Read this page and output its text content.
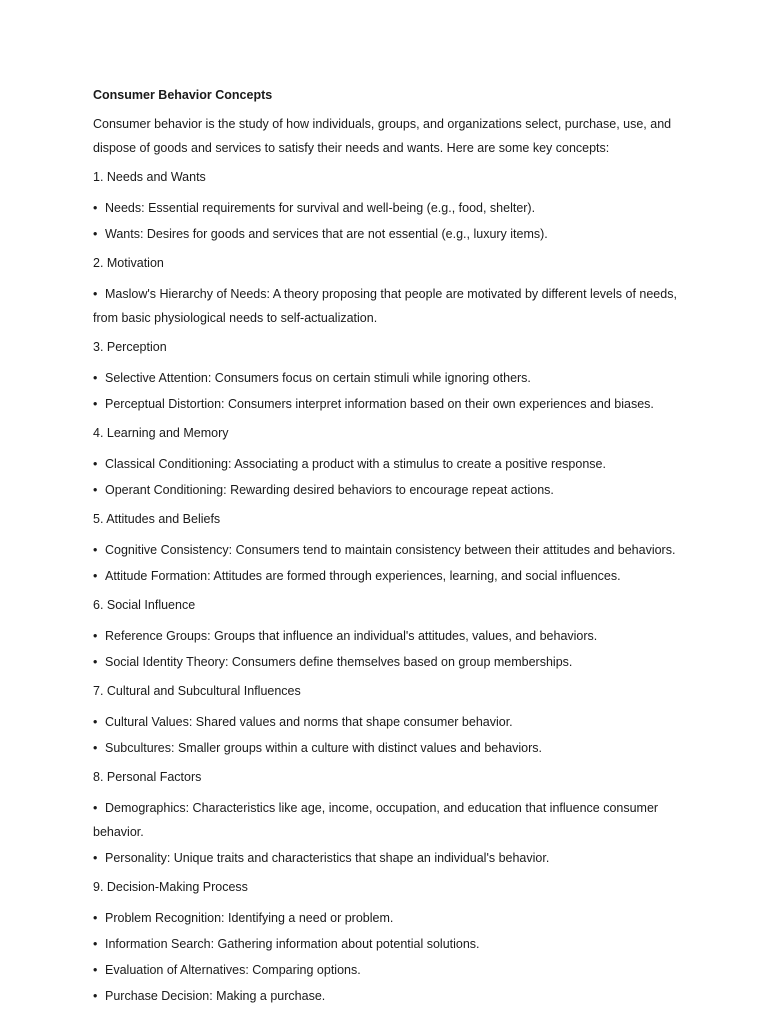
Consumer Behavior Concepts
Consumer behavior is the study of how individuals, groups, and organizations select, purchase, use, and dispose of goods and services to satisfy their needs and wants. Here are some key concepts:
1. Needs and Wants
• Needs: Essential requirements for survival and well-being (e.g., food, shelter).
• Wants: Desires for goods and services that are not essential (e.g., luxury items).
2. Motivation
• Maslow's Hierarchy of Needs: A theory proposing that people are motivated by different levels of needs, from basic physiological needs to self-actualization.
3. Perception
• Selective Attention: Consumers focus on certain stimuli while ignoring others.
• Perceptual Distortion: Consumers interpret information based on their own experiences and biases.
4. Learning and Memory
• Classical Conditioning: Associating a product with a stimulus to create a positive response.
• Operant Conditioning: Rewarding desired behaviors to encourage repeat actions.
5. Attitudes and Beliefs
• Cognitive Consistency: Consumers tend to maintain consistency between their attitudes and behaviors.
• Attitude Formation: Attitudes are formed through experiences, learning, and social influences.
6. Social Influence
• Reference Groups: Groups that influence an individual's attitudes, values, and behaviors.
• Social Identity Theory: Consumers define themselves based on group memberships.
7. Cultural and Subcultural Influences
• Cultural Values: Shared values and norms that shape consumer behavior.
• Subcultures: Smaller groups within a culture with distinct values and behaviors.
8. Personal Factors
• Demographics: Characteristics like age, income, occupation, and education that influence consumer behavior.
• Personality: Unique traits and characteristics that shape an individual's behavior.
9. Decision-Making Process
• Problem Recognition: Identifying a need or problem.
• Information Search: Gathering information about potential solutions.
• Evaluation of Alternatives: Comparing options.
• Purchase Decision: Making a purchase.
